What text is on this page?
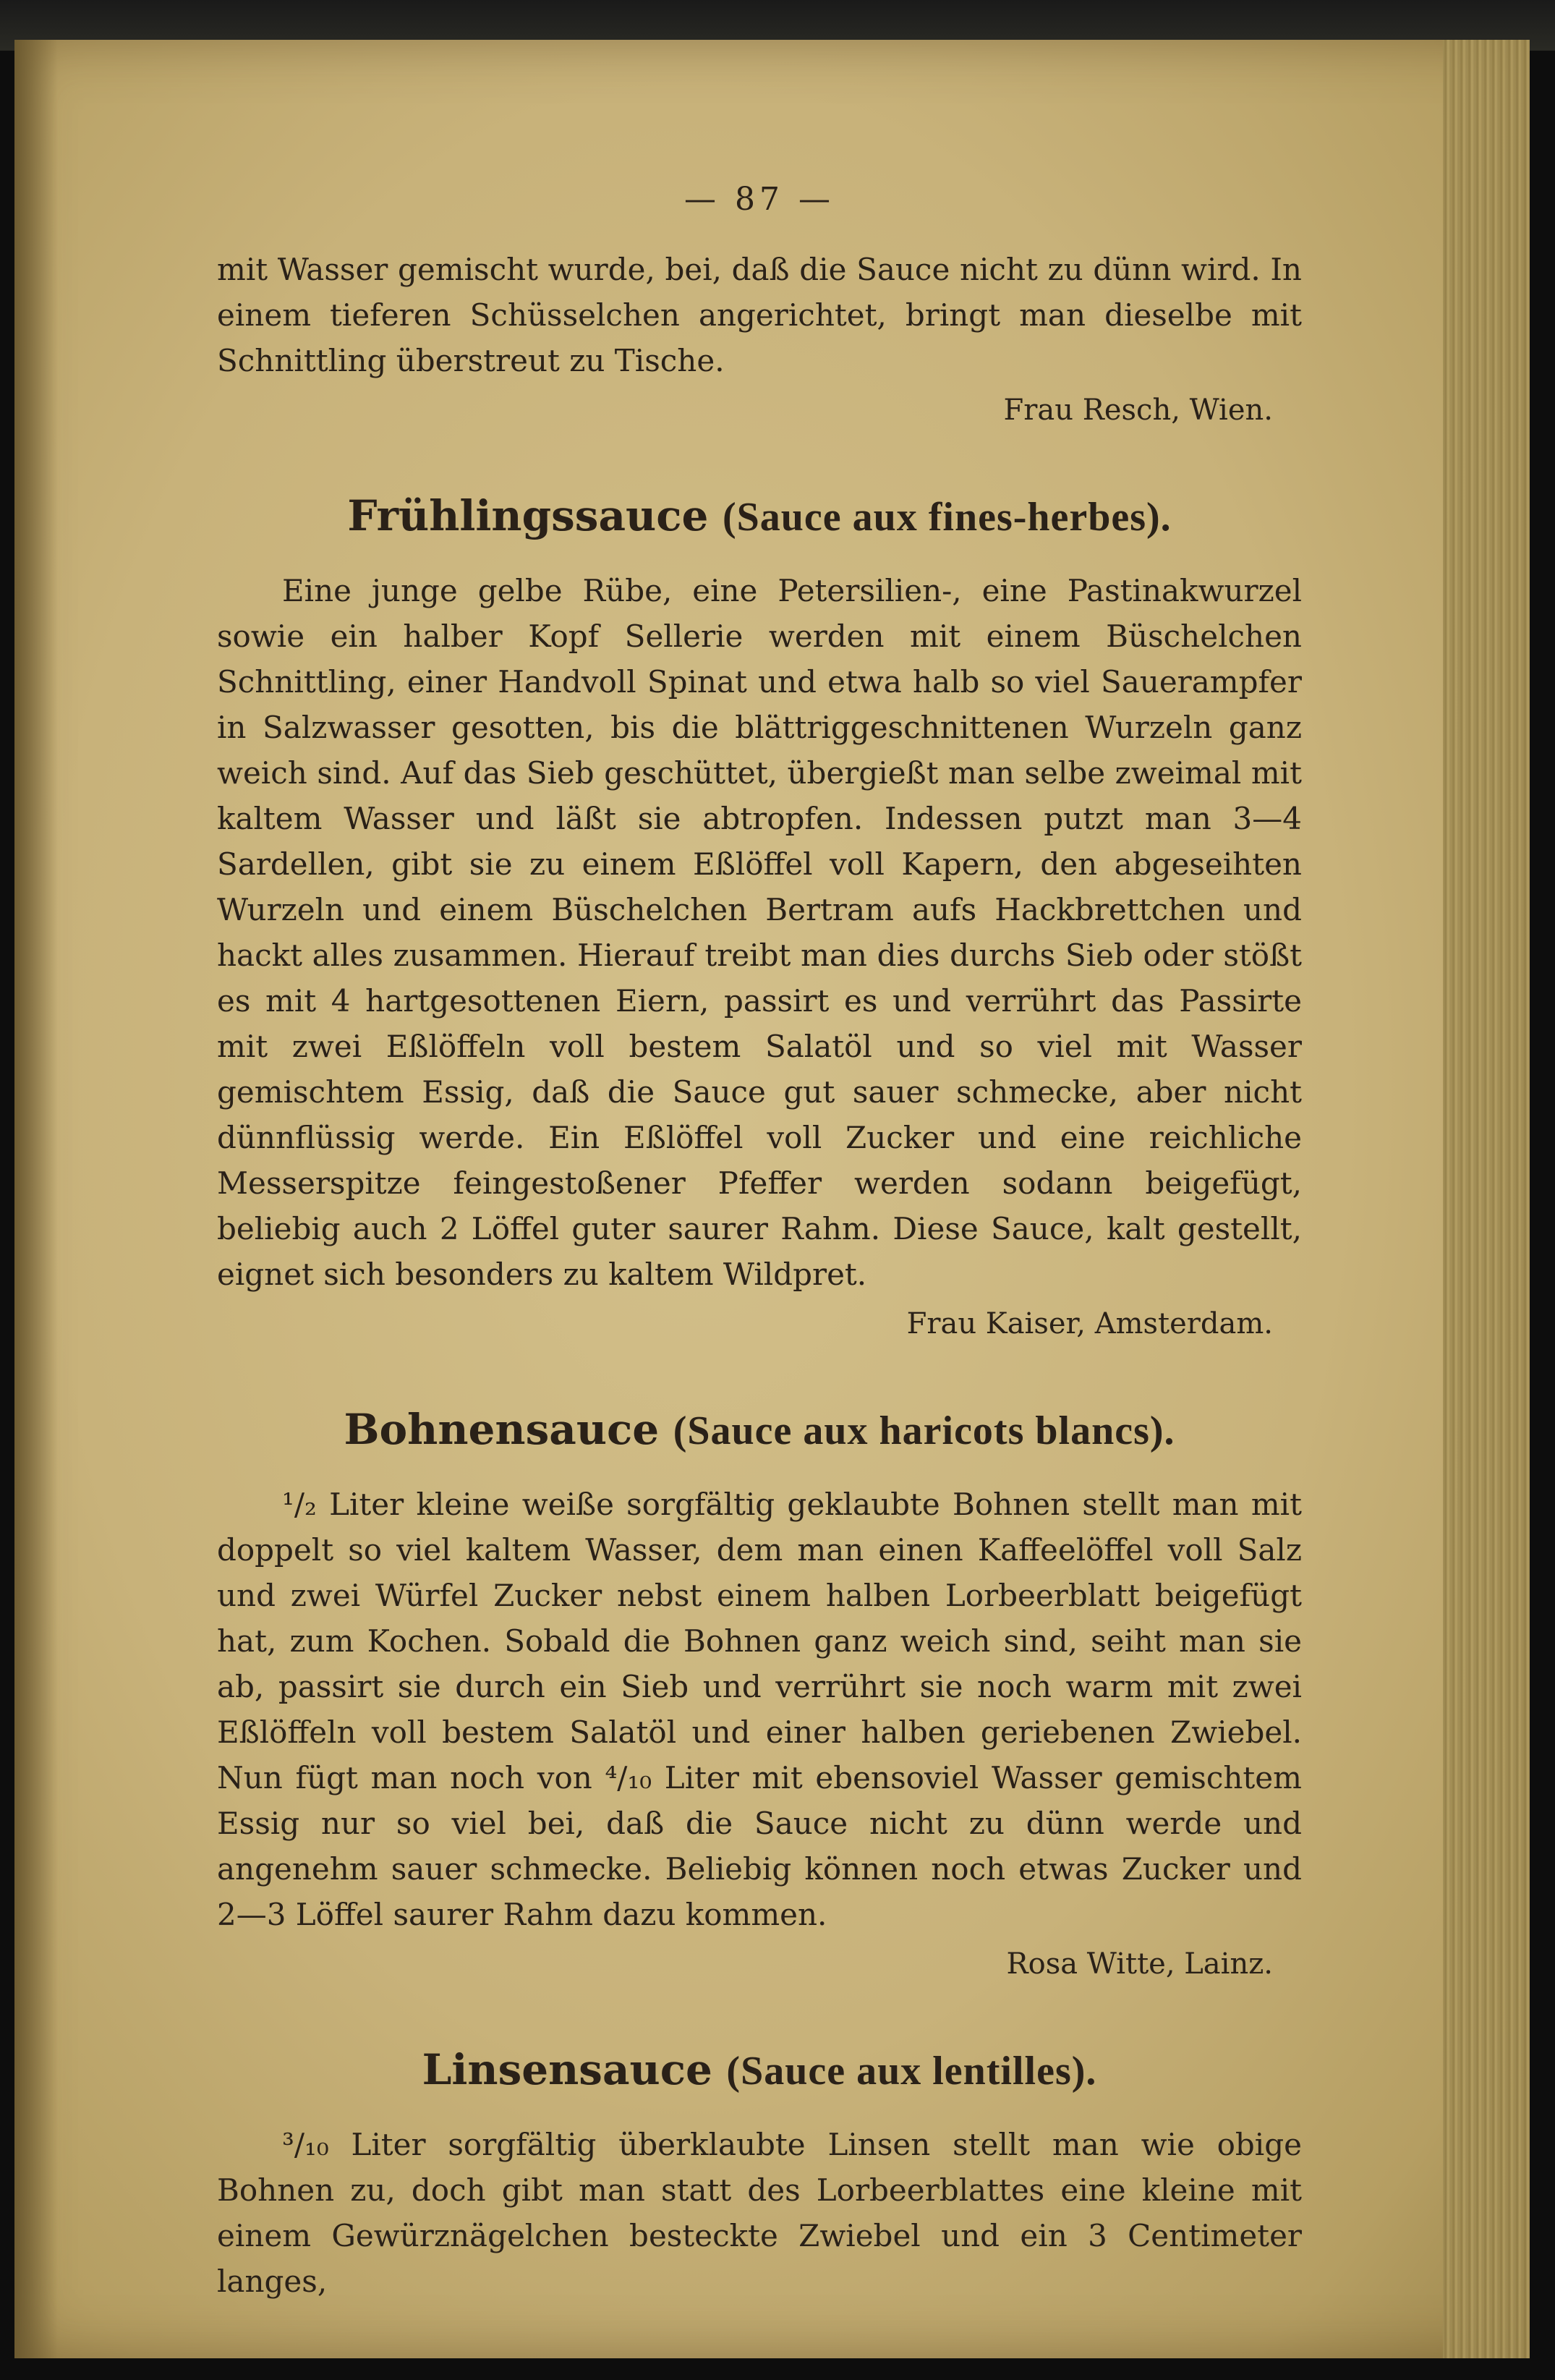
— 87 —

mit Wasser gemischt wurde, bei, daß die Sauce nicht zu dünn wird. In einem tieferen Schüsselchen angerichtet, bringt man dieselbe mit Schnittling überstreut zu Tische.

Frau Resch, Wien.
Frühlingssauce (Sauce aux fines-herbes).

Eine junge gelbe Rübe, eine Petersilien-, eine Pastinakwurzel sowie ein halber Kopf Sellerie werden mit einem Büschelchen Schnittling, einer Handvoll Spinat und etwa halb so viel Sauerampfer in Salzwasser gesotten, bis die blättriggeschnittenen Wurzeln ganz weich sind. Auf das Sieb geschüttet, übergießt man selbe zweimal mit kaltem Wasser und läßt sie abtropfen. Indessen putzt man 3—4 Sardellen, gibt sie zu einem Eßlöffel voll Kapern, den abgeseihten Wurzeln und einem Büschelchen Bertram aufs Hackbrettchen und hackt alles zusammen. Hierauf treibt man dies durchs Sieb oder stößt es mit 4 hartgesottenen Eiern, passirt es und verrührt das Passirte mit zwei Eßlöffeln voll bestem Salatöl und so viel mit Wasser gemischtem Essig, daß die Sauce gut sauer schmecke, aber nicht dünnflüssig werde. Ein Eßlöffel voll Zucker und eine reichliche Messerspitze feingestoßener Pfeffer werden sodann beigefügt, beliebig auch 2 Löffel guter saurer Rahm. Diese Sauce, kalt gestellt, eignet sich besonders zu kaltem Wildpret.

Frau Kaiser, Amsterdam.
Bohnensauce (Sauce aux haricots blancs).

¹/₂ Liter kleine weiße sorgfältig geklaubte Bohnen stellt man mit doppelt so viel kaltem Wasser, dem man einen Kaffeelöffel voll Salz und zwei Würfel Zucker nebst einem halben Lorbeerblatt beigefügt hat, zum Kochen. Sobald die Bohnen ganz weich sind, seiht man sie ab, passirt sie durch ein Sieb und verrührt sie noch warm mit zwei Eßlöffeln voll bestem Salatöl und einer halben geriebenen Zwiebel. Nun fügt man noch von ⁴/₁₀ Liter mit ebensoviel Wasser gemischtem Essig nur so viel bei, daß die Sauce nicht zu dünn werde und angenehm sauer schmecke. Beliebig können noch etwas Zucker und 2—3 Löffel saurer Rahm dazu kommen.

Rosa Witte, Lainz.
Linsensauce (Sauce aux lentilles).

³/₁₀ Liter sorgfältig überklaubte Linsen stellt man wie obige Bohnen zu, doch gibt man statt des Lorbeerblattes eine kleine mit einem Gewürznägelchen besteckte Zwiebel und ein 3 Centimeter langes,
